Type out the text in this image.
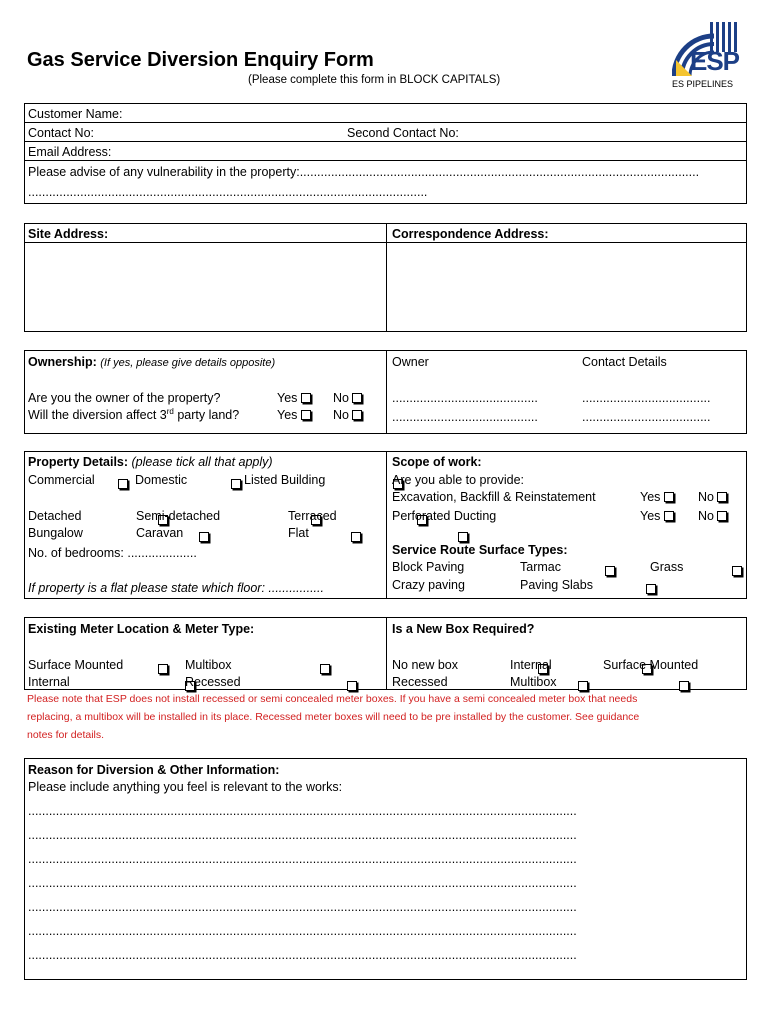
Gas Service Diversion Enquiry Form
(Please complete this form in BLOCK CAPITALS)
ESP
ES PIPELINES
Customer Name:
Contact No:	Second Contact No:
Email Address:
Please advise of any vulnerability in the property:...................................................................................................................
...................................................................................................................
Site Address:	Correspondence Address:
Ownership: (If yes, please give details opposite)	Owner	Contact Details
Are you the owner of the property?	Yes	No
Will the diversion affect 3rd party land?	Yes	No
..........................................
..........................................
.....................................
.....................................
Property Details: (please tick all that apply)
Commercial
	Domestic
	Listed Building

Detached
	Semi-detached
	Terraced

Bungalow
	Caravan
	Flat

No. of bedrooms: ....................
If property is a flat please state which floor: ................
Scope of work:
Are you able to provide:
Excavation, Backfill & Reinstatement	Yes	No
Perforated Ducting	Yes	No
Service Route Surface Types:
Block Paving
	Tarmac
	Grass

Crazy paving
	Paving Slabs
Existing Meter Location & Meter Type:
Surface Mounted
	Multibox

Internal
	Recessed

Is a New Box Required?
No new box
	Internal
	Surface Mounted

Recessed
	Multibox
Please note that ESP does not install recessed or semi concealed meter boxes. If you have a semi concealed meter box that needs
replacing, a multibox will be installed in its place. Recessed meter boxes will need to be pre installed by the customer. See guidance
notes for details.
Reason for Diversion & Other Information:
Please include anything you feel is relevant to the works:
..............................................................................................................................................................
..............................................................................................................................................................
..............................................................................................................................................................
..............................................................................................................................................................
..............................................................................................................................................................
..............................................................................................................................................................
..............................................................................................................................................................
